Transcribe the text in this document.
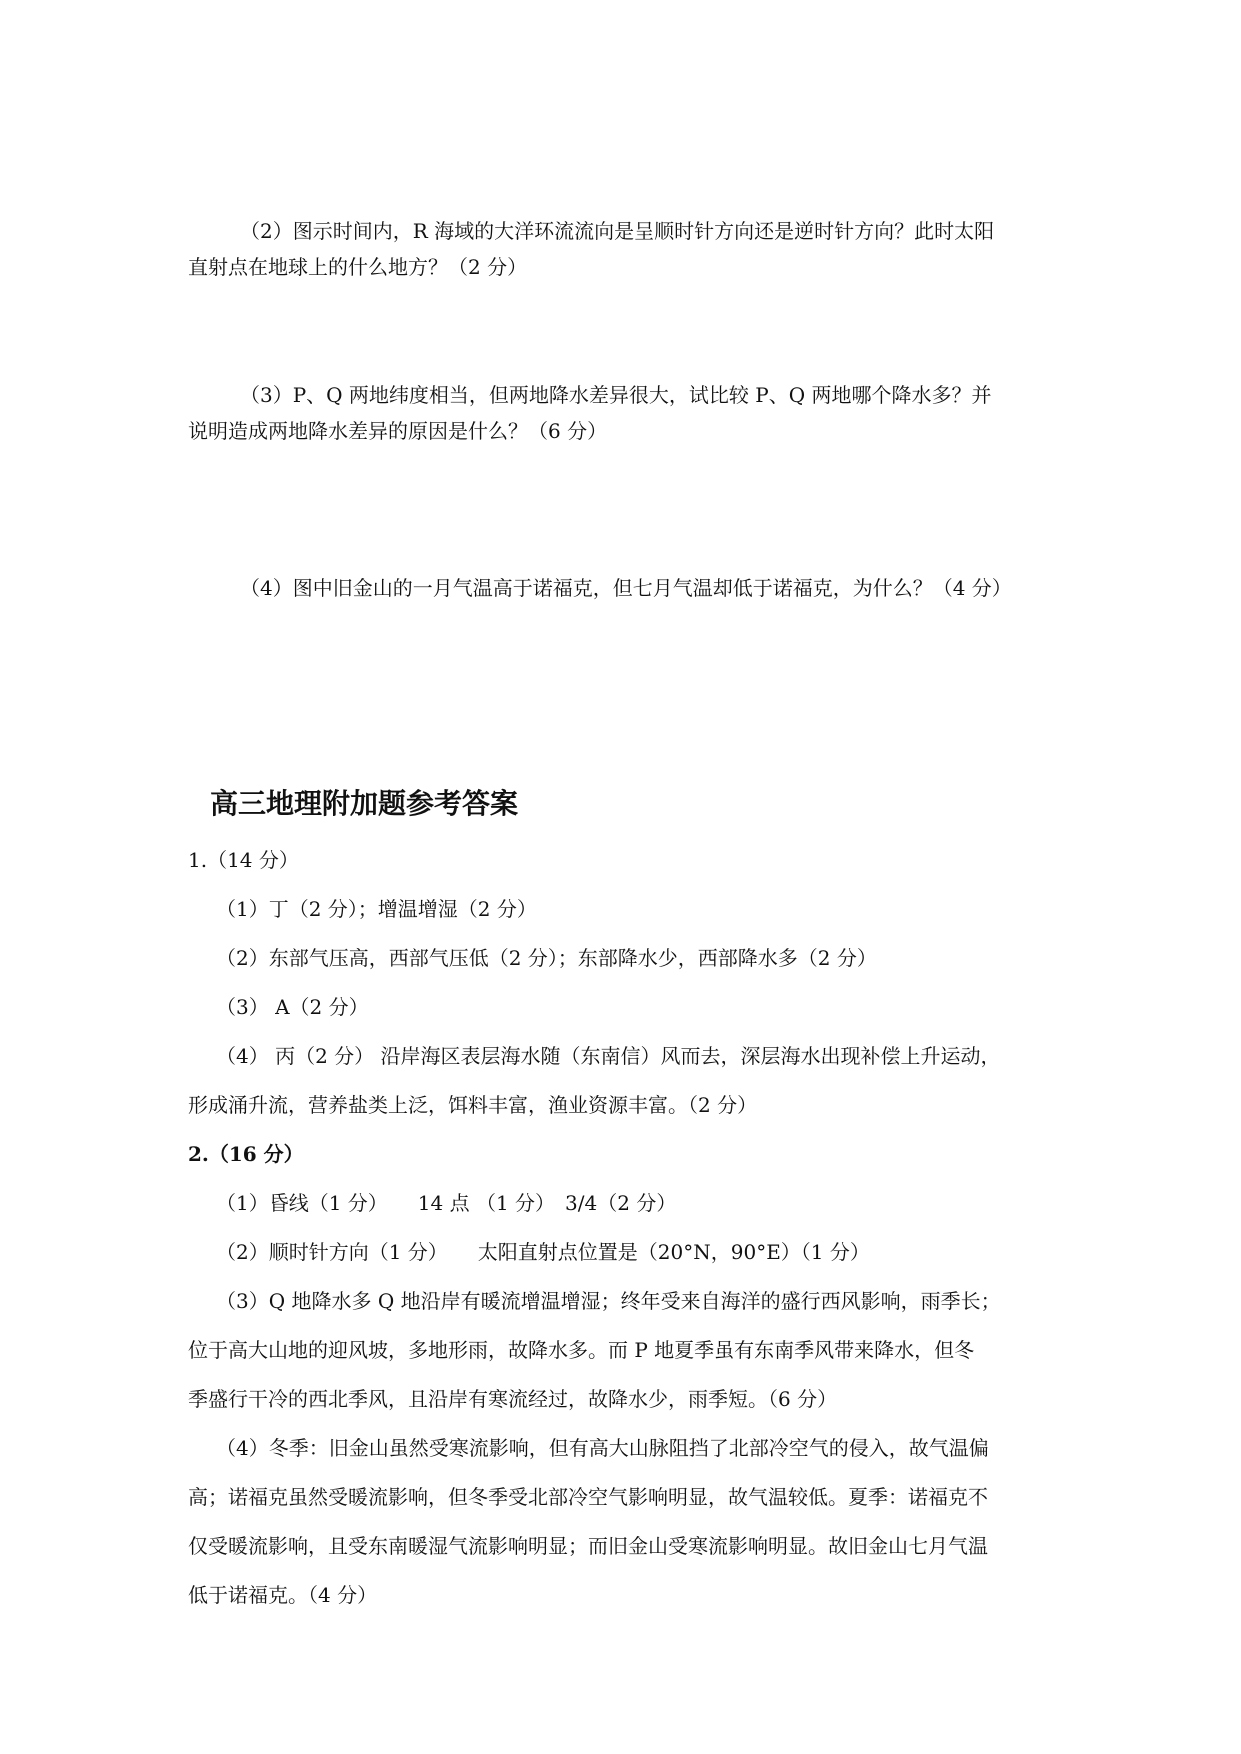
（2）图示时间内，R 海域的大洋环流流向是呈顺时针方向还是逆时针方向？此时太阳
直射点在地球上的什么地方？（2 分）
（3）P、Q 两地纬度相当，但两地降水差异很大，试比较 P、Q 两地哪个降水多？并
说明造成两地降水差异的原因是什么？（6 分）
（4）图中旧金山的一月气温高于诺福克，但七月气温却低于诺福克，为什么？（4 分）
高三地理附加题参考答案
1.（14 分）
（1）丁（2 分）；增温增湿（2 分）
（2）东部气压高，西部气压低（2 分）；东部降水少，西部降水多（2 分）
（3） A（2 分）
（4） 丙（2 分） 沿岸海区表层海水随（东南信）风而去，深层海水出现补偿上升运动，
形成涌升流，营养盐类上泛，饵料丰富，渔业资源丰富。（2 分）
2.（16 分）
（1）昏线（1 分）　　14 点 （1 分）　3/4（2 分）
（2）顺时针方向（1 分）　　太阳直射点位置是（20°N，90°E）（1 分）
（3）Q 地降水多 Q 地沿岸有暖流增温增湿；终年受来自海洋的盛行西风影响，雨季长；
位于高大山地的迎风坡，多地形雨，故降水多。而 P 地夏季虽有东南季风带来降水，但冬
季盛行干冷的西北季风，且沿岸有寒流经过，故降水少，雨季短。（6 分）
（4）冬季：旧金山虽然受寒流影响，但有高大山脉阻挡了北部冷空气的侵入，故气温偏
高；诺福克虽然受暖流影响，但冬季受北部冷空气影响明显，故气温较低。夏季：诺福克不
仅受暖流影响，且受东南暖湿气流影响明显；而旧金山受寒流影响明显。故旧金山七月气温
低于诺福克。（4 分）
